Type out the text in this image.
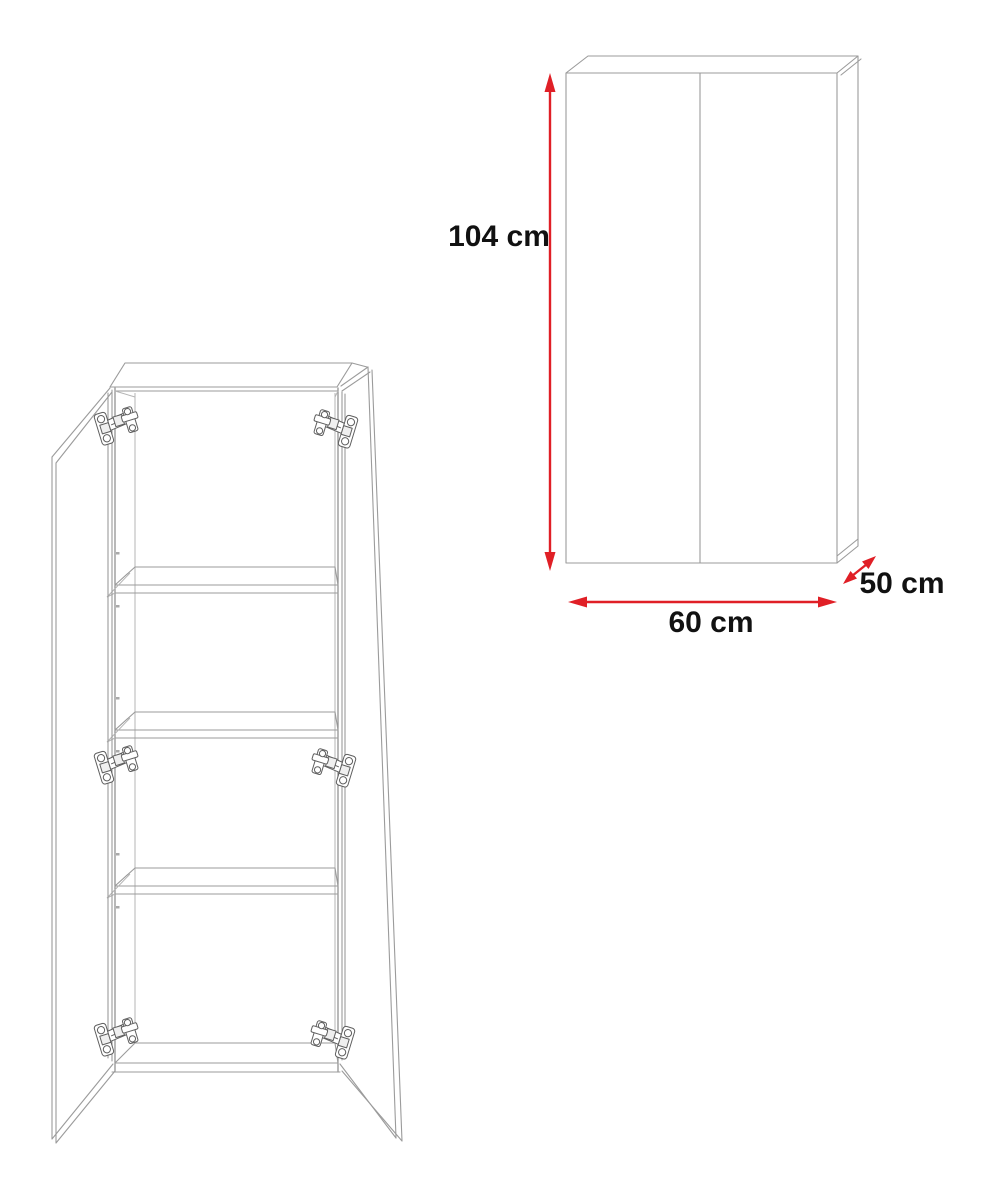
104 cm
60 cm
50 cm
